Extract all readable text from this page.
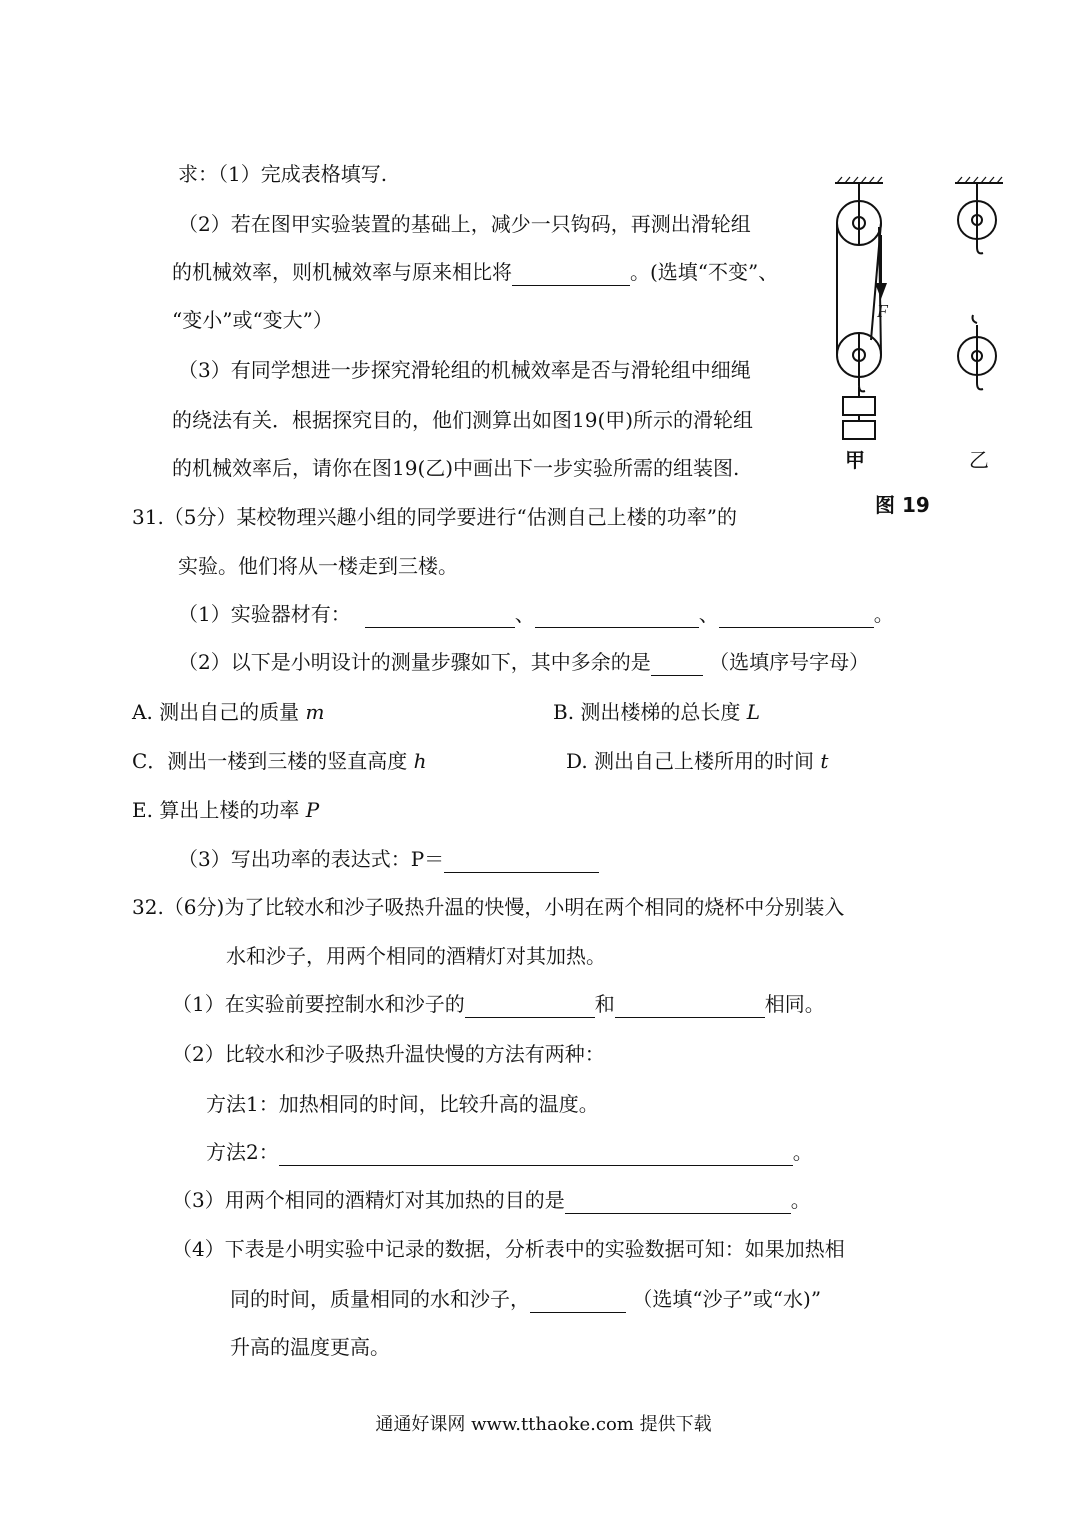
求：（1）完成表格填写.
（2）若在图甲实验装置的基础上，减少一只钩码，再测出滑轮组
的机械效率，则机械效率与原来相比将	。(选填“不变”、
“变小”或“变大”）
（3）有同学想进一步探究滑轮组的机械效率是否与滑轮组中细绳
的绕法有关．根据探究目的，他们测算出如图19(甲)所示的滑轮组
的机械效率后，请你在图19(乙)中画出下一步实验所需的组装图.
F
甲	乙
图 19
31.（5分）某校物理兴趣小组的同学要进行“估测自己上楼的功率”的
实验。他们将从一楼走到三楼。
（1）实验器材有：	、	、	。
（2）以下是小明设计的测量步骤如下，其中多余的是	（选填序号字母）
A. 测出自己的质量 m	B. 测出楼梯的总长度 L
C．测出一楼到三楼的竖直高度 h	D. 测出自己上楼所用的时间 t
E. 算出上楼的功率 P
（3）写出功率的表达式：P＝
32.（6分)为了比较水和沙子吸热升温的快慢，小明在两个相同的烧杯中分别装入
水和沙子，用两个相同的酒精灯对其加热。
（1）在实验前要控制水和沙子的	和	相同。
（2）比较水和沙子吸热升温快慢的方法有两种：
方法1：加热相同的时间，比较升高的温度。
方法2：	。
（3）用两个相同的酒精灯对其加热的目的是	。
（4）下表是小明实验中记录的数据，分析表中的实验数据可知：如果加热相
同的时间，质量相同的水和沙子，	（选填“沙子”或“水)”
升高的温度更高。
通通好课网 www.tthaoke.com 提供下载
